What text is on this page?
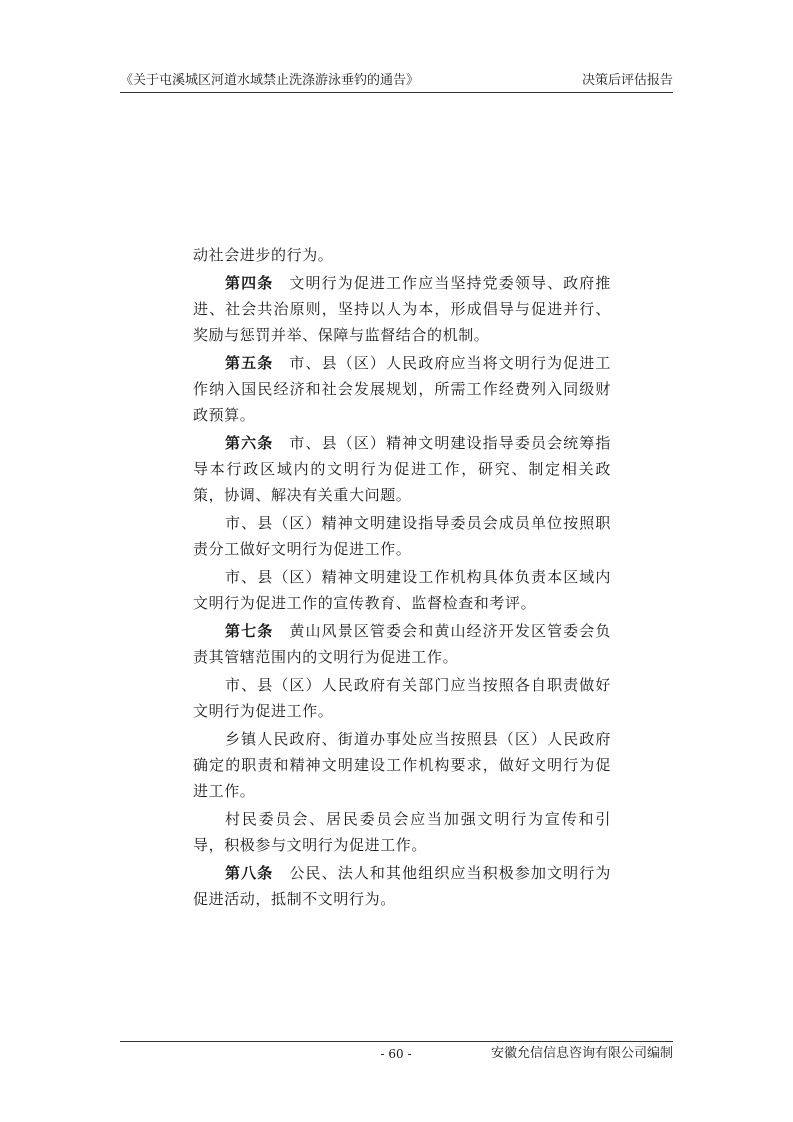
《关于屯溪城区河道水域禁止洗涤游泳垂钓的通告》	决策后评估报告

动社会进步的行为。

第四条　文明行为促进工作应当坚持党委领导、政府推进、社会共治原则，坚持以人为本，形成倡导与促进并行、奖励与惩罚并举、保障与监督结合的机制。

第五条　市、县（区）人民政府应当将文明行为促进工作纳入国民经济和社会发展规划，所需工作经费列入同级财政预算。

第六条　市、县（区）精神文明建设指导委员会统筹指导本行政区域内的文明行为促进工作，研究、制定相关政策，协调、解决有关重大问题。

市、县（区）精神文明建设指导委员会成员单位按照职责分工做好文明行为促进工作。

市、县（区）精神文明建设工作机构具体负责本区域内文明行为促进工作的宣传教育、监督检查和考评。

第七条　黄山风景区管委会和黄山经济开发区管委会负责其管辖范围内的文明行为促进工作。

市、县（区）人民政府有关部门应当按照各自职责做好文明行为促进工作。

乡镇人民政府、街道办事处应当按照县（区）人民政府确定的职责和精神文明建设工作机构要求，做好文明行为促进工作。

村民委员会、居民委员会应当加强文明行为宣传和引导，积极参与文明行为促进工作。

第八条　公民、法人和其他组织应当积极参加文明行为促进活动，抵制不文明行为。

- 60 -	安徽允信信息咨询有限公司编制
